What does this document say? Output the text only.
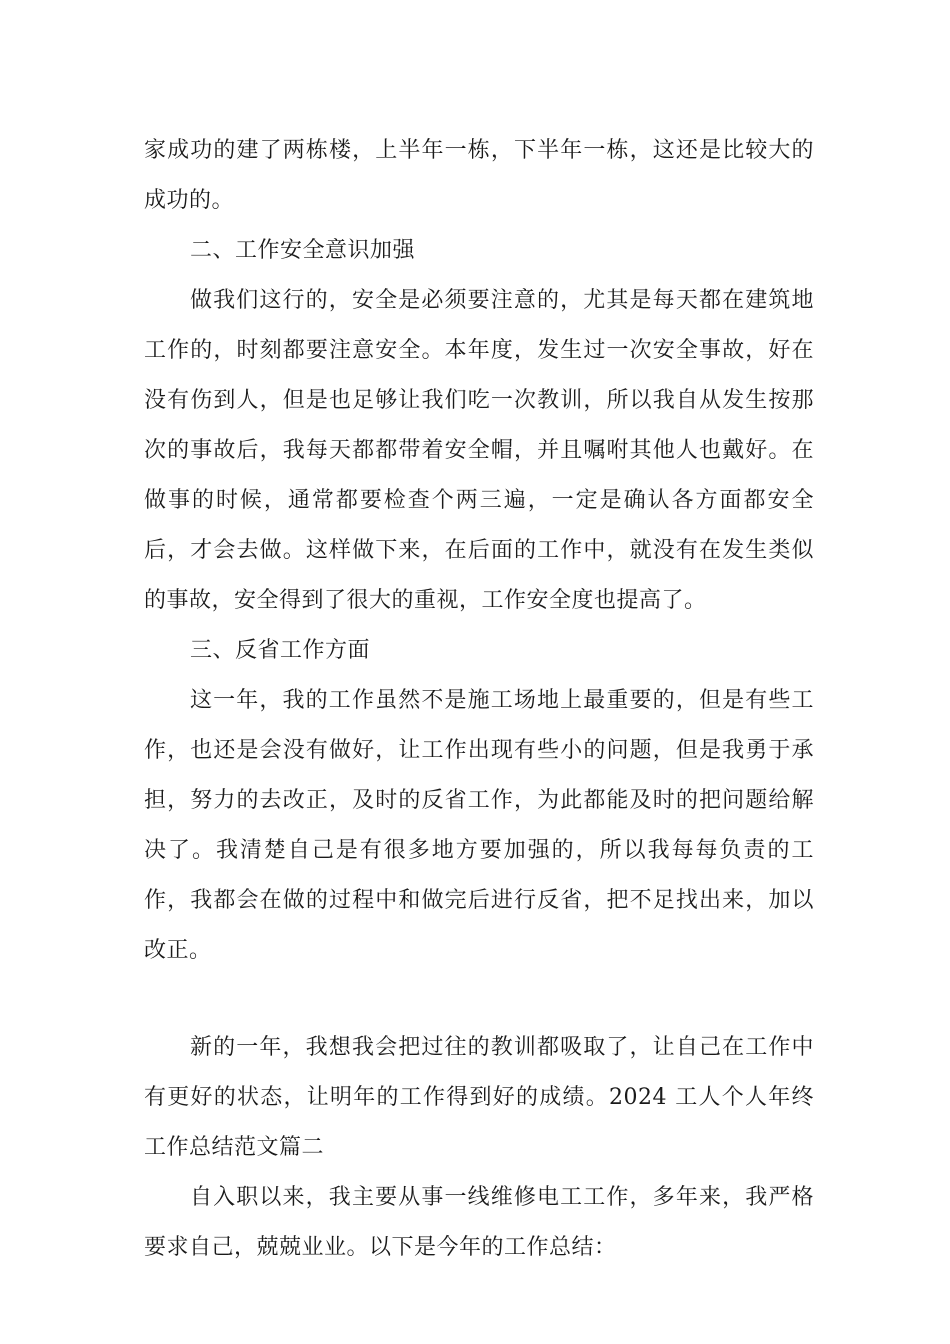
家成功的建了两栋楼，上半年一栋，下半年一栋，这还是比较大的成功的。

二、工作安全意识加强

做我们这行的，安全是必须要注意的，尤其是每天都在建筑地工作的，时刻都要注意安全。本年度，发生过一次安全事故，好在没有伤到人，但是也足够让我们吃一次教训，所以我自从发生按那次的事故后，我每天都都带着安全帽，并且嘱咐其他人也戴好。在做事的时候，通常都要检查个两三遍，一定是确认各方面都安全后，才会去做。这样做下来，在后面的工作中，就没有在发生类似的事故，安全得到了很大的重视，工作安全度也提高了。

三、反省工作方面

这一年，我的工作虽然不是施工场地上最重要的，但是有些工作，也还是会没有做好，让工作出现有些小的问题，但是我勇于承担，努力的去改正，及时的反省工作，为此都能及时的把问题给解决了。我清楚自己是有很多地方要加强的，所以我每每负责的工作，我都会在做的过程中和做完后进行反省，把不足找出来，加以改正。

新的一年，我想我会把过往的教训都吸取了，让自己在工作中有更好的状态，让明年的工作得到好的成绩。2024 工人个人年终工作总结范文篇二

自入职以来，我主要从事一线维修电工工作，多年来，我严格要求自己，兢兢业业。以下是今年的工作总结：
